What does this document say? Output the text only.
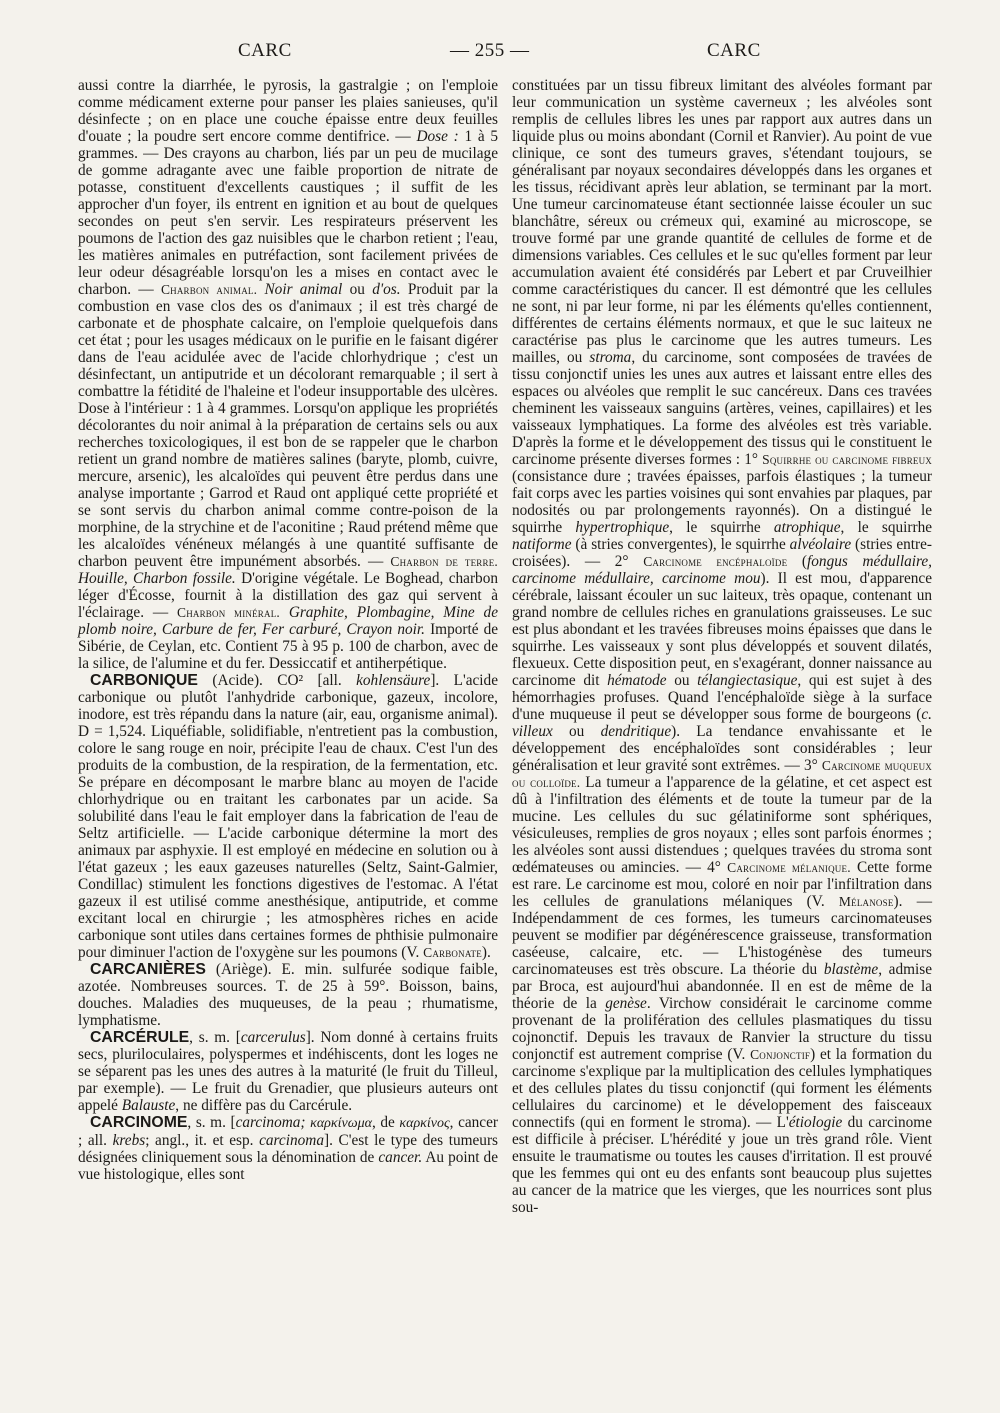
CARC	— 255 —	CARC

aussi contre la diarrhée, le pyrosis, la gastralgie ; on l'emploie comme médicament externe pour panser les plaies sanieuses, qu'il désinfecte ; on en place une couche épaisse entre deux feuilles d'ouate ; la poudre sert encore comme dentifrice. — Dose : 1 à 5 grammes. — Des crayons au charbon, liés par un peu de mucilage de gomme adragante avec une faible proportion de nitrate de potasse, constituent d'excellents caustiques ; il suffit de les approcher d'un foyer, ils entrent en ignition et au bout de quelques secondes on peut s'en servir. Les respirateurs préservent les poumons de l'action des gaz nuisibles que le charbon retient ; l'eau, les matières animales en putréfaction, sont facilement privées de leur odeur désagréable lorsqu'on les a mises en contact avec le charbon. — Charbon animal. Noir animal ou d'os. Produit par la combustion en vase clos des os d'animaux ; il est très chargé de carbonate et de phosphate calcaire, on l'emploie quelquefois dans cet état ; pour les usages médicaux on le purifie en le faisant digérer dans de l'eau acidulée avec de l'acide chlorhydrique ; c'est un désinfectant, un antiputride et un décolorant remarquable ; il sert à combattre la fétidité de l'haleine et l'odeur insupportable des ulcères. Dose à l'intérieur : 1 à 4 grammes. Lorsqu'on applique les propriétés décolorantes du noir animal à la préparation de certains sels ou aux recherches toxicologiques, il est bon de se rappeler que le charbon retient un grand nombre de matières salines (baryte, plomb, cuivre, mercure, arsenic), les alcaloïdes qui peuvent être perdus dans une analyse importante ; Garrod et Raud ont appliqué cette propriété et se sont servis du charbon animal comme contre-poison de la morphine, de la strychine et de l'aconitine ; Raud prétend même que les alcaloïdes vénéneux mélangés à une quantité suffisante de charbon peuvent être impunément absorbés. — Charbon de terre. Houille, Charbon fossile. D'origine végétale. Le Boghead, charbon léger d'Écosse, fournit à la distillation des gaz qui servent à l'éclairage. — Charbon minéral. Graphite, Plombagine, Mine de plomb noire, Carbure de fer, Fer carburé, Crayon noir. Importé de Sibérie, de Ceylan, etc. Contient 75 à 95 p. 100 de charbon, avec de la silice, de l'alumine et du fer. Dessiccatif et antiherpétique.

CARBONIQUE (Acide). CO² [all. kohlensäure]. L'acide carbonique ou plutôt l'anhydride carbonique, gazeux, incolore, inodore, est très répandu dans la nature (air, eau, organisme animal). D = 1,524. Liquéfiable, solidifiable, n'entretient pas la combustion, colore le sang rouge en noir, précipite l'eau de chaux. C'est l'un des produits de la combustion, de la respiration, de la fermentation, etc. Se prépare en décomposant le marbre blanc au moyen de l'acide chlorhydrique ou en traitant les carbonates par un acide. Sa solubilité dans l'eau le fait employer dans la fabrication de l'eau de Seltz artificielle. — L'acide carbonique détermine la mort des animaux par asphyxie. Il est employé en médecine en solution ou à l'état gazeux ; les eaux gazeuses naturelles (Seltz, Saint-Galmier, Condillac) stimulent les fonctions digestives de l'estomac. A l'état gazeux il est utilisé comme anesthésique, antiputride, et comme excitant local en chirurgie ; les atmosphères riches en acide carbonique sont utiles dans certaines formes de phthisie pulmonaire pour diminuer l'action de l'oxygène sur les poumons (V. Carbonate).

CARCANIÈRES (Ariège). E. min. sulfurée sodique faible, azotée. Nombreuses sources. T. de 25 à 59°. Boisson, bains, douches. Maladies des muqueuses, de la peau ; rhumatisme, lymphatisme.

CARCÉRULE, s. m. [carcerulus]. Nom donné à certains fruits secs, pluriloculaires, polyspermes et indéhiscents, dont les loges ne se séparent pas les unes des autres à la maturité (le fruit du Tilleul, par exemple). — Le fruit du Grenadier, que plusieurs auteurs ont appelé Balauste, ne diffère pas du Carcérule.

CARCINOME, s. m. [carcinoma; καρκίνωμα, de καρκίνος, cancer ; all. krebs; angl., it. et esp. carcinoma]. C'est le type des tumeurs désignées cliniquement sous la dénomination de cancer. Au point de vue histologique, elles sont

constituées par un tissu fibreux limitant des alvéoles formant par leur communication un système caverneux ; les alvéoles sont remplis de cellules libres les unes par rapport aux autres dans un liquide plus ou moins abondant (Cornil et Ranvier). Au point de vue clinique, ce sont des tumeurs graves, s'étendant toujours, se généralisant par noyaux secondaires développés dans les organes et les tissus, récidivant après leur ablation, se terminant par la mort. Une tumeur carcinomateuse étant sectionnée laisse écouler un suc blanchâtre, séreux ou crémeux qui, examiné au microscope, se trouve formé par une grande quantité de cellules de forme et de dimensions variables. Ces cellules et le suc qu'elles forment par leur accumulation avaient été considérés par Lebert et par Cruveilhier comme caractéristiques du cancer. Il est démontré que les cellules ne sont, ni par leur forme, ni par les éléments qu'elles contiennent, différentes de certains éléments normaux, et que le suc laiteux ne caractérise pas plus le carcinome que les autres tumeurs. Les mailles, ou stroma, du carcinome, sont composées de travées de tissu conjonctif unies les unes aux autres et laissant entre elles des espaces ou alvéoles que remplit le suc cancéreux. Dans ces travées cheminent les vaisseaux sanguins (artères, veines, capillaires) et les vaisseaux lymphatiques. La forme des alvéoles est très variable. D'après la forme et le développement des tissus qui le constituent le carcinome présente diverses formes : 1° Squirrhe ou carcinome fibreux (consistance dure ; travées épaisses, parfois élastiques ; la tumeur fait corps avec les parties voisines qui sont envahies par plaques, par nodosités ou par prolongements rayonnés). On a distingué le squirrhe hypertrophique, le squirrhe atrophique, le squirrhe natiforme (à stries convergentes), le squirrhe alvéolaire (stries entre-croisées). — 2° Carcinome encéphaloïde (fongus médullaire, carcinome médullaire, carcinome mou). Il est mou, d'apparence cérébrale, laissant écouler un suc laiteux, très opaque, contenant un grand nombre de cellules riches en granulations graisseuses. Le suc est plus abondant et les travées fibreuses moins épaisses que dans le squirrhe. Les vaisseaux y sont plus développés et souvent dilatés, flexueux. Cette disposition peut, en s'exagérant, donner naissance au carcinome dit hématode ou télangiectasique, qui est sujet à des hémorrhagies profuses. Quand l'encéphaloïde siège à la surface d'une muqueuse il peut se développer sous forme de bourgeons (c. villeux ou dendritique). La tendance envahissante et le développement des encéphaloïdes sont considérables ; leur généralisation et leur gravité sont extrêmes. — 3° Carcinome muqueux ou colloïde. La tumeur a l'apparence de la gélatine, et cet aspect est dû à l'infiltration des éléments et de toute la tumeur par de la mucine. Les cellules du suc gélatiniforme sont sphériques, vésiculeuses, remplies de gros noyaux ; elles sont parfois énormes ; les alvéoles sont aussi distendues ; quelques travées du stroma sont œdémateuses ou amincies. — 4° Carcinome mélanique. Cette forme est rare. Le carcinome est mou, coloré en noir par l'infiltration dans les cellules de granulations mélaniques (V. Mélanose). — Indépendamment de ces formes, les tumeurs carcinomateuses peuvent se modifier par dégénérescence graisseuse, transformation caséeuse, calcaire, etc. — L'histogénèse des tumeurs carcinomateuses est très obscure. La théorie du blastème, admise par Broca, est aujourd'hui abandonnée. Il en est de même de la théorie de la genèse. Virchow considérait le carcinome comme provenant de la prolifération des cellules plasmatiques du tissu cojnonctif. Depuis les travaux de Ranvier la structure du tissu conjonctif est autrement comprise (V. Conjonctif) et la formation du carcinome s'explique par la multiplication des cellules lymphatiques et des cellules plates du tissu conjonctif (qui forment les éléments cellulaires du carcinome) et le développement des faisceaux connectifs (qui en forment le stroma). — L'étiologie du carcinome est difficile à préciser. L'hérédité y joue un très grand rôle. Vient ensuite le traumatisme ou toutes les causes d'irritation. Il est prouvé que les femmes qui ont eu des enfants sont beaucoup plus sujettes au cancer de la matrice que les vierges, que les nourrices sont plus sou-
